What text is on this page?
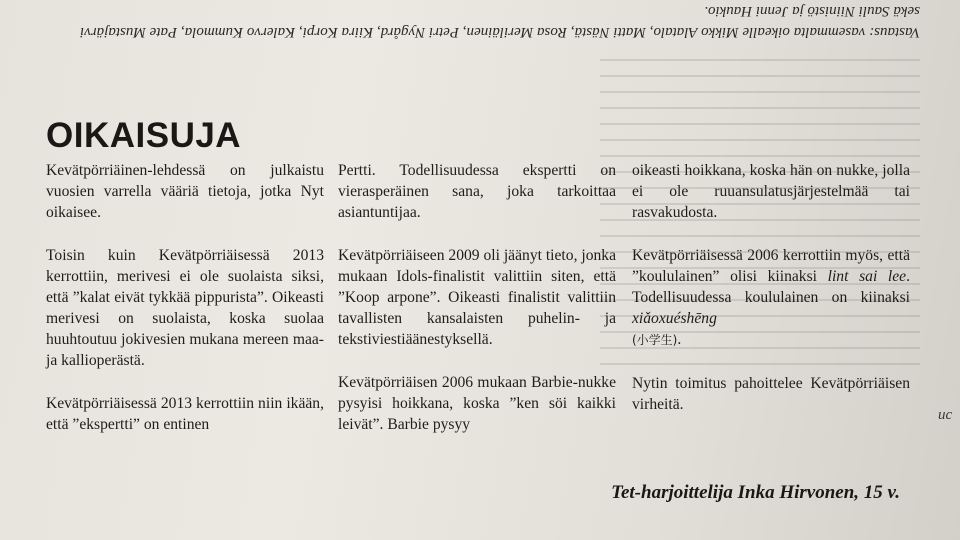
Vastaus: vasemmalta oikealle Mikko Alatalo, Matti Nästä, Rosa Meriläinen, Petri Nygård, Kiira Korpi, Kalervo Kummola, Pate Mustajärvi sekä Sauli Niinistö ja Jenni Haukio.
OIKAISUJA

Kevätpörriäinen-lehdessä on julkaistu vuosien varrella vääriä tietoja, jotka Nyt oikaisee.

Toisin kuin Kevätpörriäisessä 2013 kerrottiin, merivesi ei ole suolaista siksi, että ”kalat eivät tykkää pippurista”. Oikeasti merivesi on suolaista, koska suolaa huuhtoutuu jokivesien mukana mereen maa- ja kallioperästä.

Kevätpörriäisessä 2013 kerrottiin niin ikään, että ”ekspertti” on entinen

Pertti. Todellisuudessa ekspertti on vierasperäinen sana, joka tarkoittaa asiantuntijaa.

Kevätpörriäiseen 2009 oli jäänyt tieto, jonka mukaan Idols-finalistit valittiin siten, että ”Koop arpone”. Oikeasti finalistit valittiin tavallisten kansalaisten puhelin- ja tekstiviestiäänestyksellä.

Kevätpörriäisen 2006 mukaan Barbie-nukke pysyisi hoikkana, koska ”ken söi kaikki leivät”. Barbie pysyy

oikeasti hoikkana, koska hän on nukke, jolla ei ole ruuansulatusjärjestelmää tai rasvakudosta.

Kevätpörriäisessä 2006 kerrottiin myös, että ”koululainen” olisi kiinaksi lint sai lee. Todellisuudessa koululainen on kiinaksi xiǎoxuéshēng
(小学生).

Nytin toimitus pahoittelee Kevätpörriäisen virheitä.

Tet-harjoittelija Inka Hirvonen, 15 v.
uc
